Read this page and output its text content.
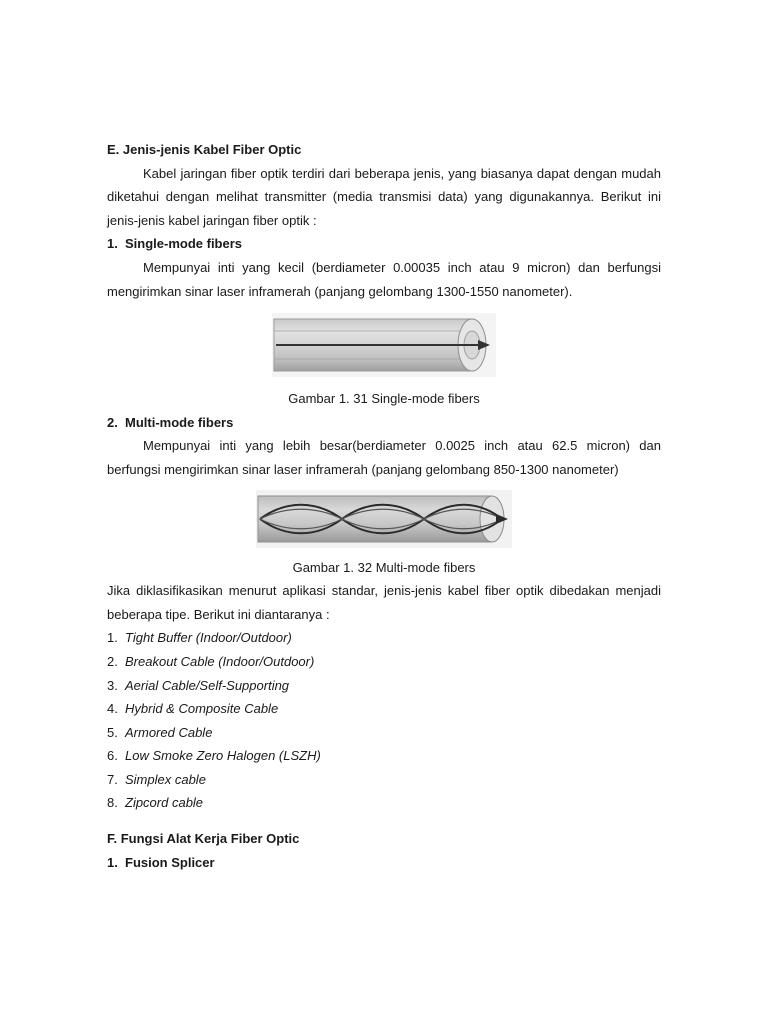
E. Jenis-jenis Kabel Fiber Optic

Kabel jaringan fiber optik terdiri dari beberapa jenis, yang biasanya dapat dengan mudah diketahui dengan melihat transmitter (media transmisi data) yang digunakannya. Berikut ini jenis-jenis kabel jaringan fiber optik :

1. Single-mode fibers

Mempunyai inti yang kecil (berdiameter 0.00035 inch atau 9 micron) dan berfungsi mengirimkan sinar laser inframerah (panjang gelombang 1300-1550 nanometer).

Gambar 1. 31 Single-mode fibers

2. Multi-mode fibers

Mempunyai inti yang lebih besar(berdiameter 0.0025 inch atau 62.5 micron) dan berfungsi mengirimkan sinar laser inframerah (panjang gelombang 850-1300 nanometer)

Gambar 1. 32 Multi-mode fibers

Jika diklasifikasikan menurut aplikasi standar, jenis-jenis kabel fiber optik dibedakan menjadi beberapa tipe. Berikut ini diantaranya :

1. Tight Buffer (Indoor/Outdoor)
2. Breakout Cable (Indoor/Outdoor)
3. Aerial Cable/Self-Supporting
4. Hybrid & Composite Cable
5. Armored Cable
6. Low Smoke Zero Halogen (LSZH)
7. Simplex cable
8. Zipcord cable

F. Fungsi Alat Kerja Fiber Optic

1. Fusion Splicer
